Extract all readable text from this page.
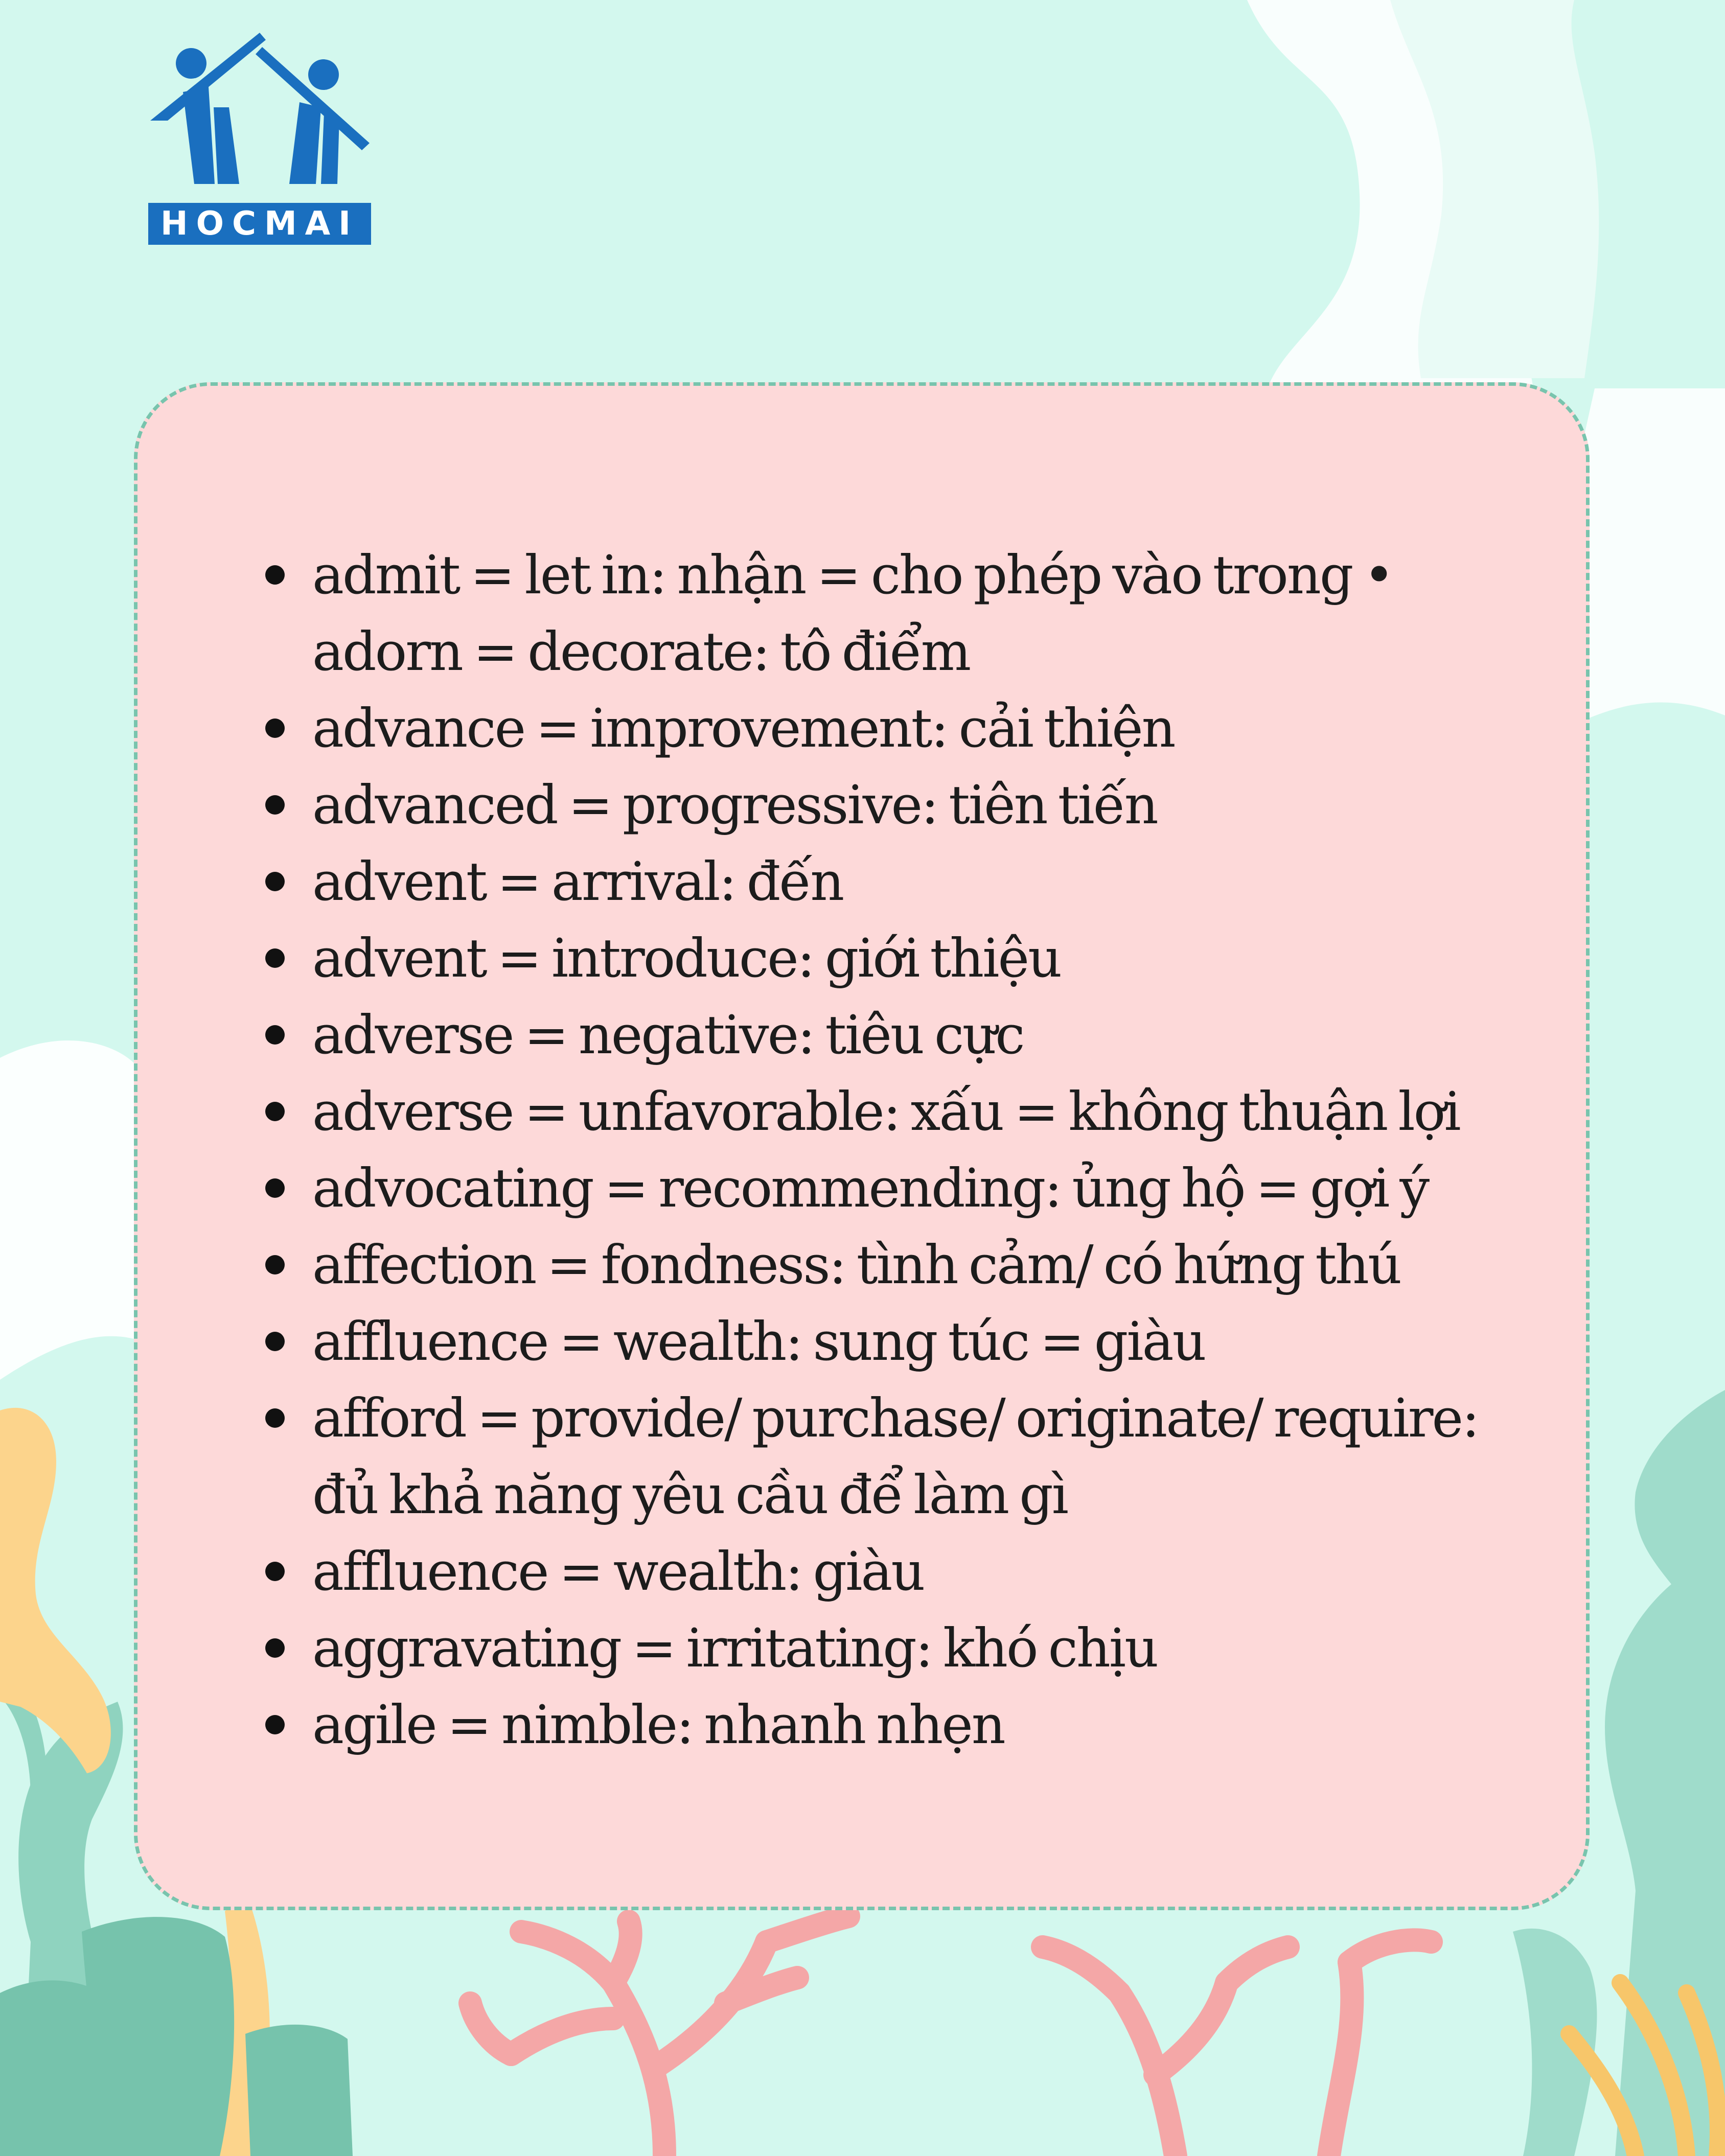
HOCMAI
admit = let in: nhận = cho phép vào trong • adorn = decorate: tô điểm
advance = improvement: cải thiện
advanced = progressive: tiên tiến
advent = arrival: đến
advent = introduce: giới thiệu
adverse = negative: tiêu cực
adverse = unfavorable: xấu = không thuận lợi
advocating = recommending: ủng hộ = gợi ý
affection = fondness: tình cảm/ có hứng thú
affluence = wealth: sung túc = giàu
afford = provide/ purchase/ originate/ require: đủ khả năng yêu cầu để làm gì
affluence = wealth: giàu
aggravating = irritating: khó chịu
agile = nimble: nhanh nhẹn
